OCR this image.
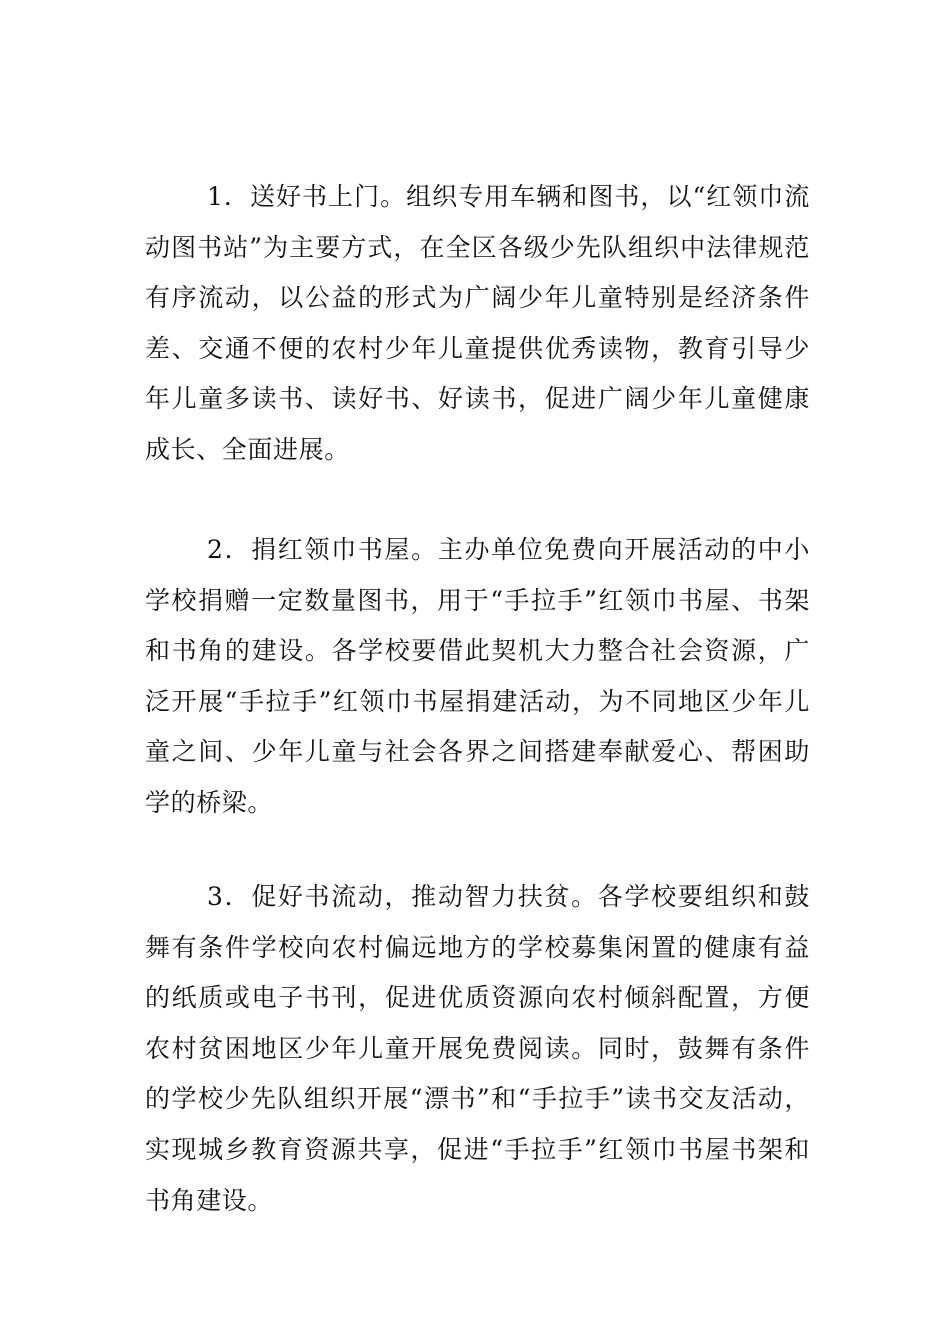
1．送好书上门。组织专用车辆和图书，以“红领巾流动图书站”为主要方式，在全区各级少先队组织中法律规范有序流动，以公益的形式为广阔少年儿童特别是经济条件差、交通不便的农村少年儿童提供优秀读物，教育引导少年儿童多读书、读好书、好读书，促进广阔少年儿童健康成长、全面进展。

2．捐红领巾书屋。主办单位免费向开展活动的中小学校捐赠一定数量图书，用于“手拉手”红领巾书屋、书架和书角的建设。各学校要借此契机大力整合社会资源，广泛开展“手拉手”红领巾书屋捐建活动，为不同地区少年儿童之间、少年儿童与社会各界之间搭建奉献爱心、帮困助学的桥梁。

3．促好书流动，推动智力扶贫。各学校要组织和鼓舞有条件学校向农村偏远地方的学校募集闲置的健康有益的纸质或电子书刊，促进优质资源向农村倾斜配置，方便农村贫困地区少年儿童开展免费阅读。同时，鼓舞有条件的学校少先队组织开展“漂书”和“手拉手”读书交友活动，实现城乡教育资源共享，促进“手拉手”红领巾书屋书架和书角建设。
